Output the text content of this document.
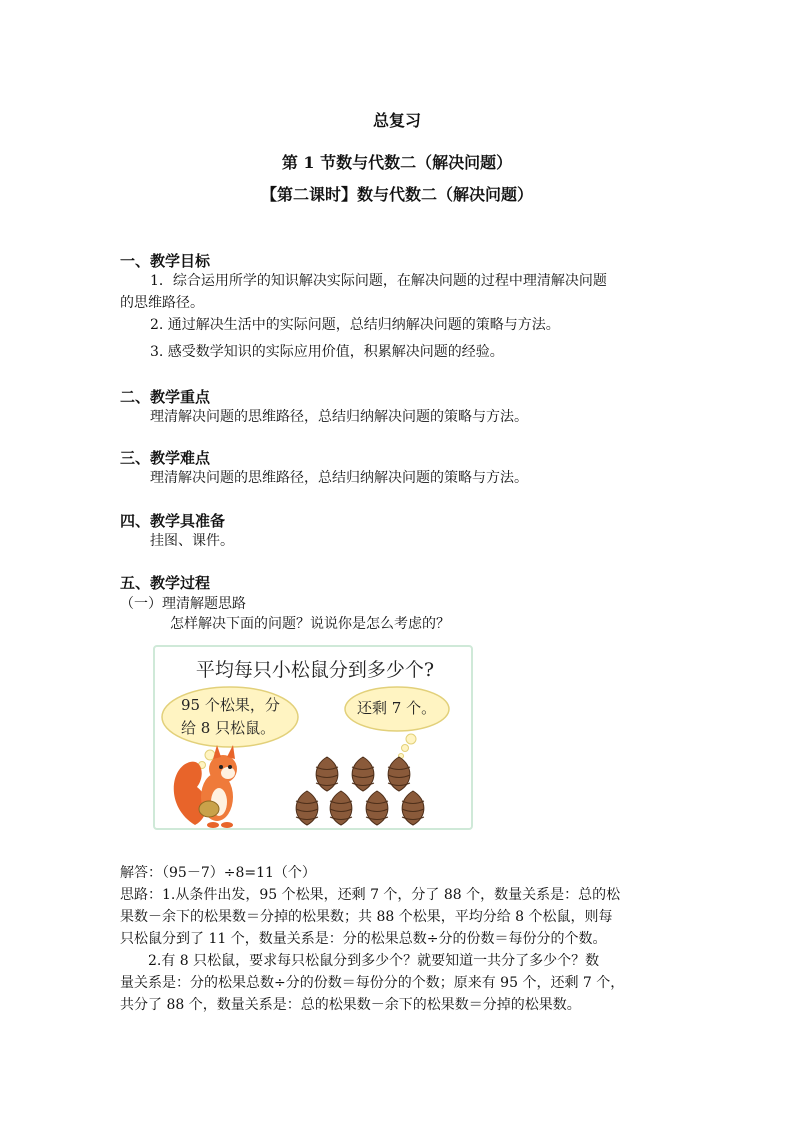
总复习
第 1 节数与代数二（解决问题）
【第二课时】数与代数二（解决问题）
一、教学目标
1．综合运用所学的知识解决实际问题，在解决问题的过程中理清解决问题
的思维路径。
2. 通过解决生活中的实际问题，总结归纳解决问题的策略与方法。
3. 感受数学知识的实际应用价值，积累解决问题的经验。
二、教学重点
理清解决问题的思维路径，总结归纳解决问题的策略与方法。
三、教学难点
理清解决问题的思维路径，总结归纳解决问题的策略与方法。
四、教学具准备
挂图、课件。
五、教学过程
（一）理清解题思路
怎样解决下面的问题？说说你是怎么考虑的？
平均每只小松鼠分到多少个?
95 个松果，分
给 8 只松鼠。
还剩 7 个。
解答：（95－7）÷8=11（个）
思路：1.从条件出发，95 个松果，还剩 7 个，分了 88 个，数量关系是：总的松
果数－余下的松果数＝分掉的松果数；共 88 个松果，平均分给 8 个松鼠，则每
只松鼠分到了 11 个，数量关系是：分的松果总数÷分的份数＝每份分的个数。
2.有 8 只松鼠，要求每只松鼠分到多少个？就要知道一共分了多少个？数
量关系是：分的松果总数÷分的份数＝每份分的个数；原来有 95 个，还剩 7 个，
共分了 88 个，数量关系是：总的松果数－余下的松果数＝分掉的松果数。
